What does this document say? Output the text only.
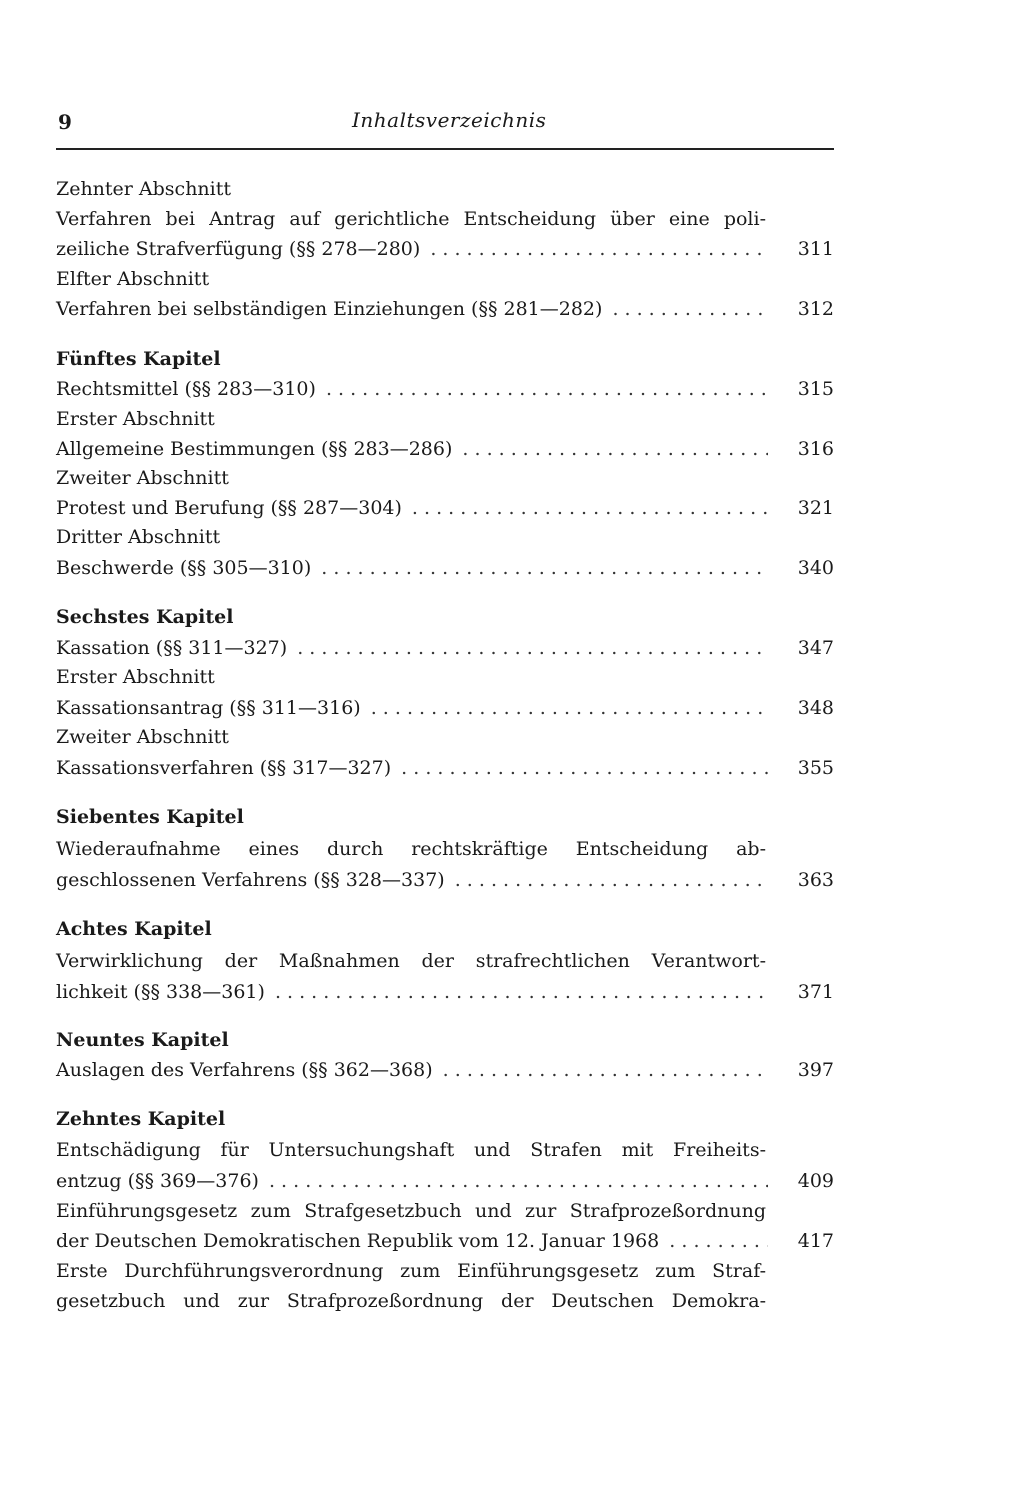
9	Inhaltsverzeichnis
Zehnter Abschnitt
Verfahren bei Antrag auf gerichtliche Entscheidung über eine poli-
zeiliche Strafverfügung (§§ 278—280) . . .	311
Elfter Abschnitt
Verfahren bei selbständigen Einziehungen (§§ 281—282) . . .	312
Fünftes Kapitel
Rechtsmittel (§§ 283—310) . . .	315
Erster Abschnitt
Allgemeine Bestimmungen (§§ 283—286) . . .	316
Zweiter Abschnitt
Protest und Berufung (§§ 287—304) . . .	321
Dritter Abschnitt
Beschwerde (§§ 305—310) . . .	340
Sechstes Kapitel
Kassation (§§ 311—327) . . .	347
Erster Abschnitt
Kassationsantrag (§§ 311—316) . . .	348
Zweiter Abschnitt
Kassationsverfahren (§§ 317—327) . . .	355
Siebentes Kapitel
Wiederaufnahme eines durch rechtskräftige Entscheidung ab-
geschlossenen Verfahrens (§§ 328—337) . . .	363
Achtes Kapitel
Verwirklichung der Maßnahmen der strafrechtlichen Verantwort-
lichkeit (§§ 338—361) . . .	371
Neuntes Kapitel
Auslagen des Verfahrens (§§ 362—368) . . .	397
Zehntes Kapitel
Entschädigung für Untersuchungshaft und Strafen mit Freiheits-
entzug (§§ 369—376) . . .	409
Einführungsgesetz zum Strafgesetzbuch und zur Strafprozeßordnung
der Deutschen Demokratischen Republik vom 12. Januar 1968 . . .	417
Erste Durchführungsverordnung zum Einführungsgesetz zum Straf-
gesetzbuch und zur Strafprozeßordnung der Deutschen Demokra-
